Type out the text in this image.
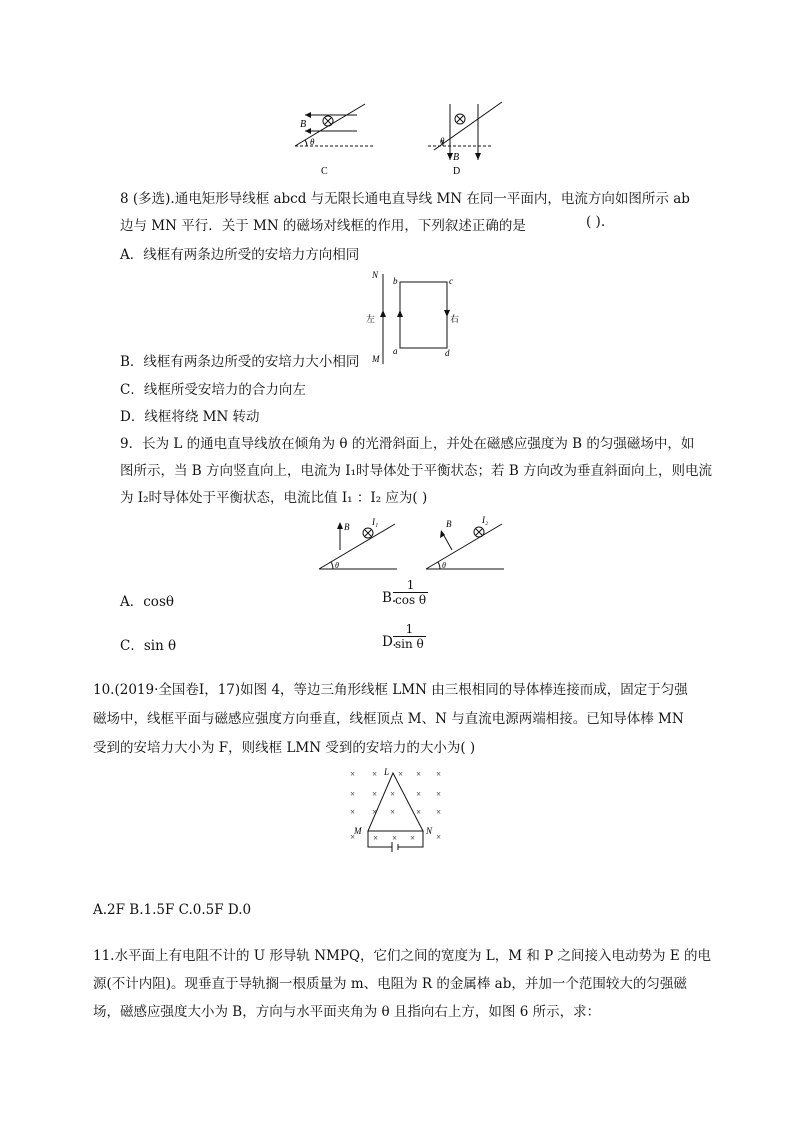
B
θ
C
θ
B
D
8 (多选).通电矩形导线框 abcd 与无限长通电直导线 MN 在同一平面内，电流方向如图所示 ab
边与 MN 平行．关于 MN 的磁场对线框的作用，下列叙述正确的是	( ).
A．线框有两条边所受的安培力方向相同
N
M
b	c
a	d
左	右
B．线框有两条边所受的安培力大小相同
C．线框所受安培力的合力向左
D．线框将绕 MN 转动
9．长为 L 的通电直导线放在倾角为 θ 的光滑斜面上，并处在磁感应强度为 B 的匀强磁场中，如
图所示，当 B 方向竖直向上，电流为 I₁时导体处于平衡状态；若 B 方向改为垂直斜面向上，则电流
为 I₂时导体处于平衡状态，电流比值 I₁ ：I₂ 应为( )
B	I₁
θ
B	I₂
θ
A．cosθ	B.
$\frac{1}{\text{cos θ}}$
C．sin θ	D.
$\frac{1}{\text{sin θ}}$
10.(2019·全国卷Ⅰ，17)如图 4，等边三角形线框 LMN 由三根相同的导体棒连接而成，固定于匀强
磁场中，线框平面与磁感应强度方向垂直，线框顶点 M、N 与直流电源两端相接。已知导体棒 MN
受到的安培力大小为 F，则线框 LMN 受到的安培力的大小为( )
× ×	× ×
× × × × ×
× × × × ×
× × × × ×
×
L
M	N
A.2F B.1.5F C.0.5F D.0
11.水平面上有电阻不计的 U 形导轨 NMPQ，它们之间的宽度为 L，M 和 P 之间接入电动势为 E 的电
源(不计内阻)。现垂直于导轨搁一根质量为 m、电阻为 R 的金属棒 ab，并加一个范围较大的匀强磁
场，磁感应强度大小为 B，方向与水平面夹角为 θ 且指向右上方，如图 6 所示，求：
